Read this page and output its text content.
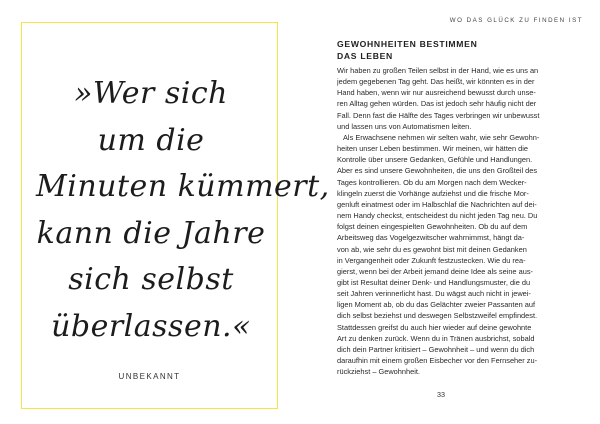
»Wer sich
um die
Minuten kümmert,
kann die Jahre
sich selbst
überlassen.«
UNBEKANNT
WO DAS GLÜCK ZU FINDEN IST
GEWOHNHEITEN BESTIMMEN
DAS LEBEN
Wir haben zu großen Teilen selbst in der Hand, wie es uns an
jedem gegebenen Tag geht. Das heißt, wir könnten es in der
Hand haben, wenn wir nur ausreichend bewusst durch unse-
ren Alltag gehen würden. Das ist jedoch sehr häufig nicht der
Fall. Denn fast die Hälfte des Tages verbringen wir unbewusst
und lassen uns von Automatismen leiten.
Als Erwachsene nehmen wir selten wahr, wie sehr Gewohn-
heiten unser Leben bestimmen. Wir meinen, wir hätten die
Kontrolle über unsere Gedanken, Gefühle und Handlungen.
Aber es sind unsere Gewohnheiten, die uns den Großteil des
Tages kontrollieren. Ob du am Morgen nach dem Wecker-
klingeln zuerst die Vorhänge aufziehst und die frische Mor-
genluft einatmest oder im Halbschlaf die Nachrichten auf dei-
nem Handy checkst, entscheidest du nicht jeden Tag neu. Du
folgst deinen eingespielten Gewohnheiten. Ob du auf dem
Arbeitsweg das Vogelgezwitscher wahrnimmst, hängt da-
von ab, wie sehr du es gewohnt bist mit deinen Gedanken
in Vergangenheit oder Zukunft festzustecken. Wie du rea-
gierst, wenn bei der Arbeit jemand deine Idee als seine aus-
gibt ist Resultat deiner Denk- und Handlungsmuster, die du
seit Jahren verinnerlicht hast. Du wägst auch nicht in jewei-
ligen Moment ab, ob du das Gelächter zweier Passanten auf
dich selbst beziehst und deswegen Selbstzweifel empfindest.
Stattdessen greifst du auch hier wieder auf deine gewohnte
Art zu denken zurück. Wenn du in Tränen ausbrichst, sobald
dich dein Partner kritisiert – Gewohnheit – und wenn du dich
daraufhin mit einem großen Eisbecher vor den Fernseher zu-
rückziehst – Gewohnheit.
33
